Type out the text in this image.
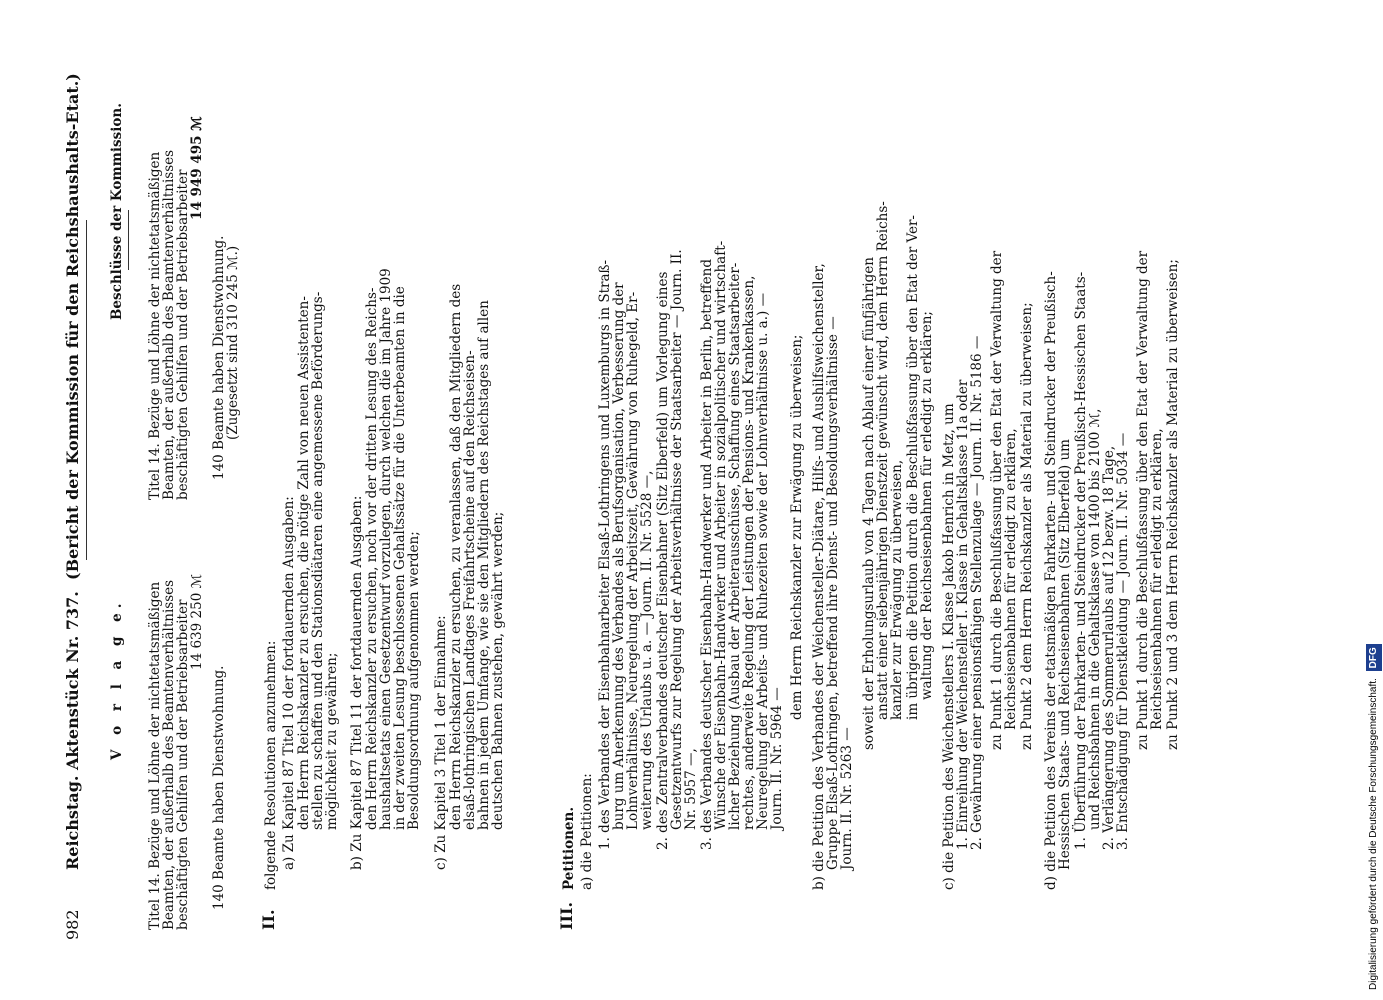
982
Reichstag. Aktenstück Nr. 737.
(Bericht der Kommission für den Reichshaushalts-Etat.)
V o r l a g e. Titel 14. Bezüge und Löhne der nichtetatsmäßigen
Beamten, der außerhalb des Beamtenverhältnisses
beschäftigten Gehilfen und der Betriebsarbeiter
14 639 250 ℳ
140 Beamte haben Dienstwohnung.
Beschlüsse der Kommission. Titel 14. Bezüge und Löhne der nichtetatsmäßigen
Beamten, der außerhalb des Beamtenverhältnisses
beschäftigten Gehilfen und der Betriebsarbeiter
14 949 495 ℳ
140 Beamte haben Dienstwohnung.
(Zugesetzt sind 310 245 ℳ.)
II.
folgende Resolutionen anzunehmen: a) Zu Kapitel 87 Titel 10 der fortdauernden Ausgaben: den Herrn Reichskanzler zu ersuchen, die nötige Zahl von neuen Assistenten-
stellen zu schaffen und den Stationsdiätaren eine angemessene Beförderungs-
möglichkeit zu gewähren; b) Zu Kapitel 87 Titel 11 der fortdauernden Ausgaben: den Herrn Reichskanzler zu ersuchen, noch vor der dritten Lesung des Reichs-
haushaltsetats einen Gesetzentwurf vorzulegen, durch welchen die im Jahre 1909
in der zweiten Lesung beschlossenen Gehaltssätze für die Unterbeamten in die
Besoldungsordnung aufgenommen werden; c) Zu Kapitel 3 Titel 1 der Einnahme: den Herrn Reichskanzler zu ersuchen, zu veranlassen, daß den Mitgliedern des
elsaß-lothringischen Landtages Freifahrtscheine auf den Reichseisen-
bahnen in jedem Umfange, wie sie den Mitgliedern des Reichstages auf allen
deutschen Bahnen zustehen, gewährt werden;
III.
Petitionen. a) die Petitionen: 1. des Verbandes der Eisenbahnarbeiter Elsaß-Lothringens und Luxemburgs in Straß-
burg um Anerkennung des Verbandes als Berufsorganisation, Verbesserung der
Lohnverhältnisse, Neuregelung der Arbeitszeit, Gewährung von Ruhegeld, Er-
weiterung des Urlaubs u. a. — Journ. II. Nr. 5528 —, 2. des Zentralverbandes deutscher Eisenbahner (Sitz Elberfeld) um Vorlegung eines
Gesetzentwurfs zur Regelung der Arbeitsverhältnisse der Staatsarbeiter — Journ. II.
Nr. 5957 —, 3. des Verbandes deutscher Eisenbahn-Handwerker und Arbeiter in Berlin, betreffend
Wünsche der Eisenbahn-Handwerker und Arbeiter in sozialpolitischer und wirtschaft-
licher Beziehung (Ausbau der Arbeiterausschüsse, Schaffung eines Staatsarbeiter-
rechtes, anderweite Regelung der Leistungen der Pensions- und Krankenkassen,
Neuregelung der Arbeits- und Ruhezeiten sowie der Lohnverhältnisse u. a.) —
Journ. II. Nr. 5964 —
dem Herrn Reichskanzler zur Erwägung zu überweisen; b) die Petition des Verbandes der Weichensteller-Diätare, Hilfs- und Aushilfsweichensteller,
Gruppe Elsaß-Lothringen, betreffend ihre Dienst- und Besoldungsverhältnisse —
Journ. II. Nr. 5263 —
soweit der Erholungsurlaub von 4 Tagen nach Ablauf einer fünfjährigen
anstatt einer siebenjährigen Dienstzeit gewünscht wird, dem Herrn Reichs-
kanzler zur Erwägung zu überweisen, im übrigen die Petition durch die Beschlußfassung über den Etat der Ver-
waltung der Reichseisenbahnen für erledigt zu erklären; c) die Petition des Weichenstellers I. Klasse Jakob Henrich in Metz, um
1. Einreihung der Weichensteller I. Klasse in Gehaltsklasse 11a oder
2. Gewährung einer pensionsfähigen Stellenzulage — Journ. II. Nr. 5186 — zu Punkt 1 durch die Beschlußfassung über den Etat der Verwaltung der
Reichseisenbahnen für erledigt zu erklären, zu Punkt 2 dem Herrn Reichskanzler als Material zu überweisen; d) die Petition des Vereins der etatsmäßigen Fahrkarten- und Steindrucker der Preußisch-
Hessischen Staats- und Reichseisenbahnen (Sitz Elberfeld) um 1. Überführung der Fahrkarten- und Steindrucker der Preußisch-Hessischen Staats-
und Reichsbahnen in die Gehaltsklasse von 1400 bis 2100 ℳ,
2. Verlängerung des Sommerurlaubs auf 12 bezw. 18 Tage,
3. Entschädigung für Dienstkleidung — Journ. II. Nr. 5034 — zu Punkt 1 durch die Beschlußfassung über den Etat der Verwaltung der
Reichseisenbahnen für erledigt zu erklären, zu Punkt 2 und 3 dem Herrn Reichskanzler als Material zu überweisen;
Digitalisierung gefördert durch die Deutsche Forschungsgemeinschaft. DFG
